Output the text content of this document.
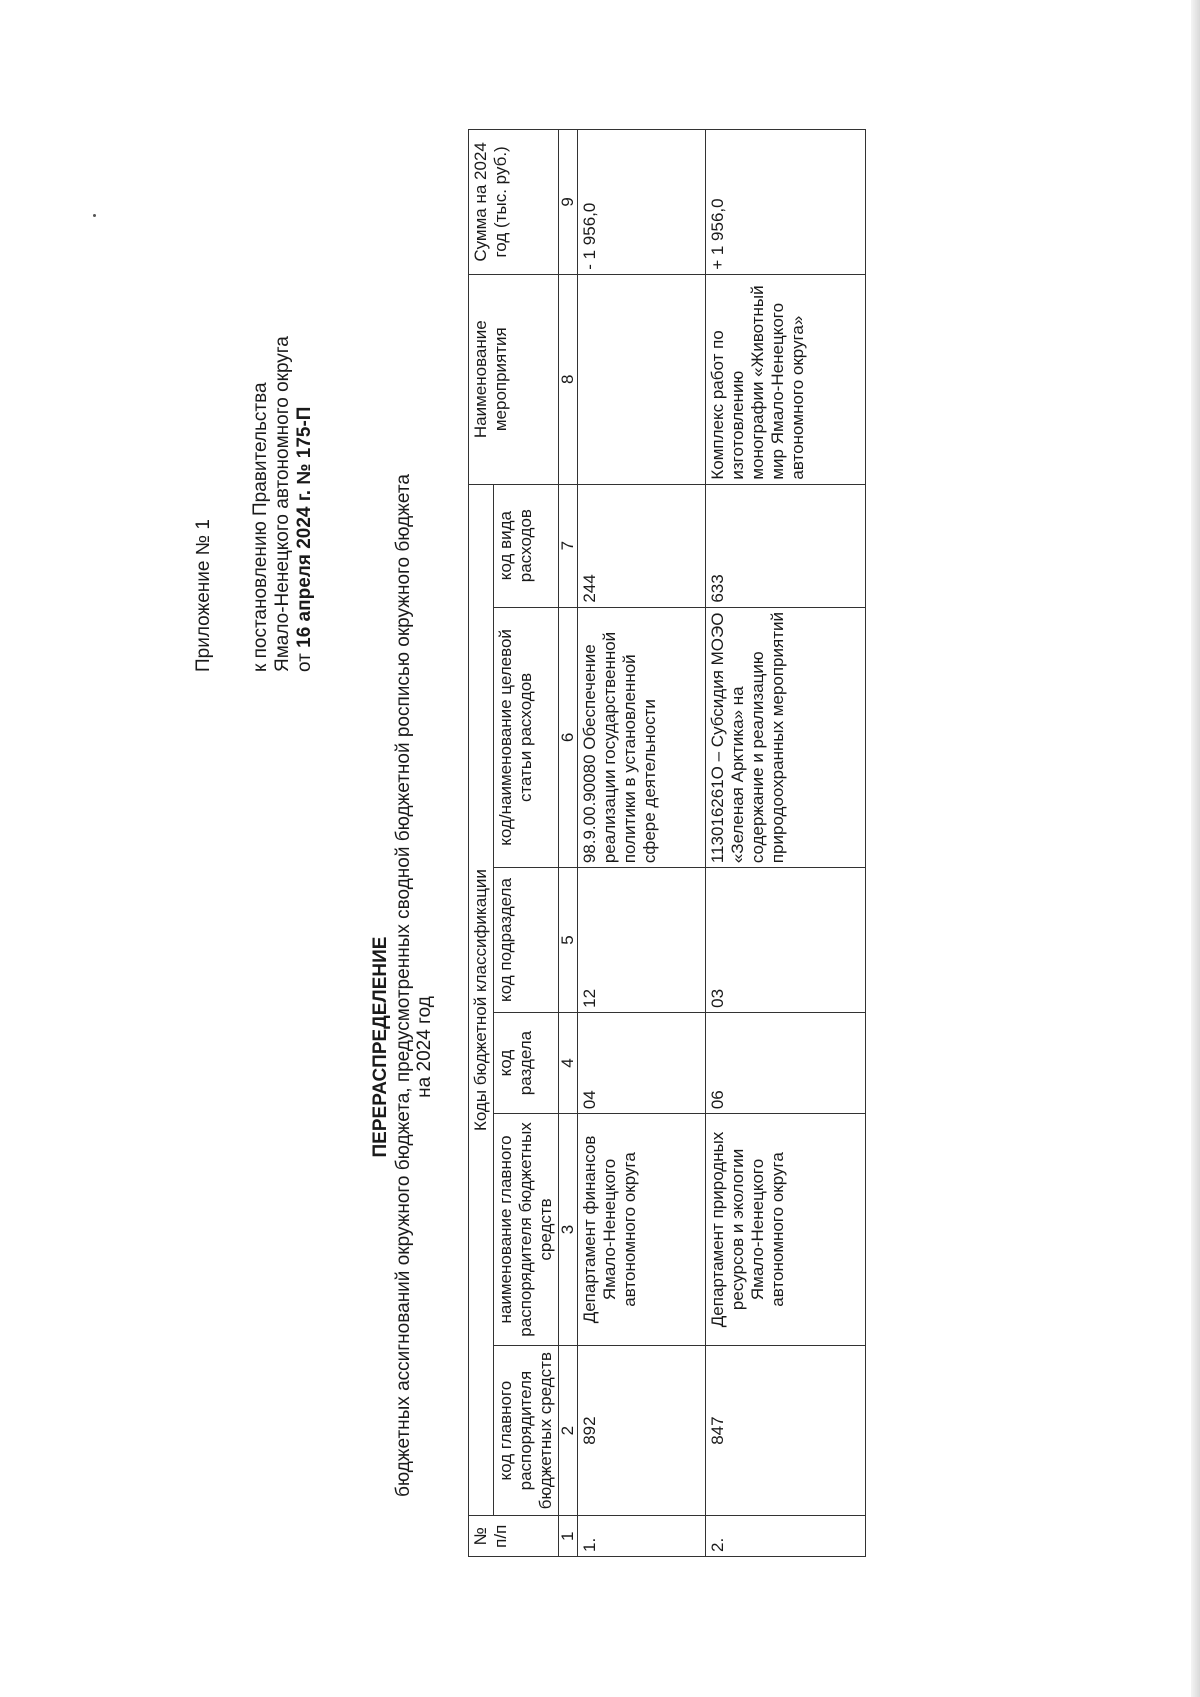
Приложение № 1 к постановлению Правительства Ямало-Ненецкого автономного округа от 16 апреля 2024 г. № 175-П
ПЕРЕРАСПРЕДЕЛЕНИЕ бюджетных ассигнований окружного бюджета, предусмотренных сводной бюджетной росписью окружного бюджета на 2024 год
№ п/п	Коды бюджетной классификации						Наименование мероприятия	Сумма на 2024 год (тыс. руб.)
	код главного распорядителя бюджетных средств	наименование главного распорядителя бюджетных средств	код раздела	код подраздела	код/наименование целевой статьи расходов	код вида расходов		
1	2	3	4	5	6	7	8	9
1.	892	Департамент финансов Ямало-Ненецкого автономного округа	04	12	98.9.00.90080 Обеспечение реализации государственной политики в установленной сфере деятельности	244		- 1 956,0
2.	847	Департамент природных ресурсов и экологии Ямало-Ненецкого автономного округа	06	03	113016261О – Субсидия МОЭО «Зеленая Арктика» на содержание и реализацию природоохранных мероприятий	633	Комплекс работ по изготовлению монографии «Животный мир Ямало-Ненецкого автономного округа»	+ 1 956,0
